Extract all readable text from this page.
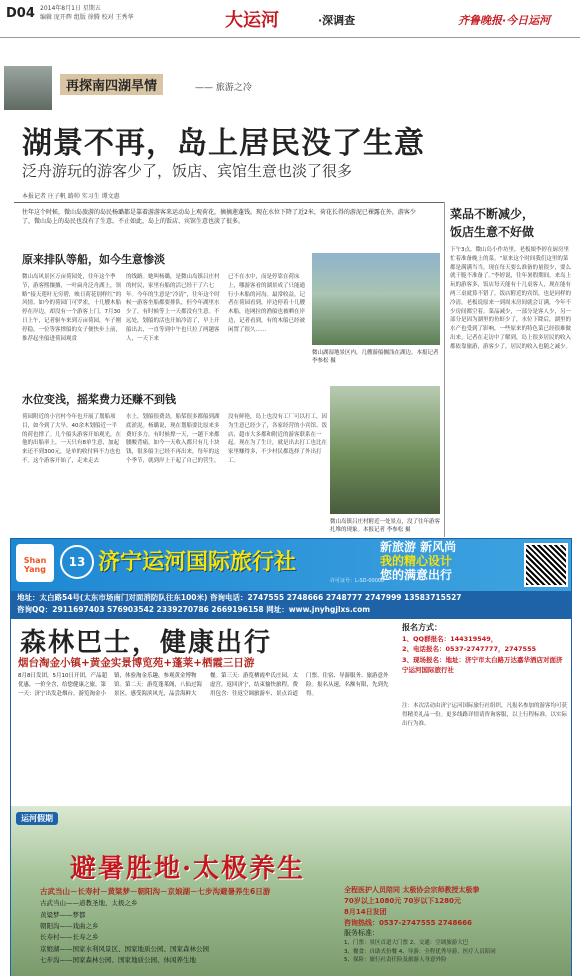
D04 2014年8月1日 星期五
编辑 庞开辉 组版 徐腾 校对 王秀华	大运河	·深调查	齐鲁晚报·今日运河
再探南四湖旱情	—— 旅游之冷
湖景不再，岛上居民没了生意
泛舟游玩的游客少了，饭店、宾馆生意也淡了很多
本报记者 庄子帆 路帅 实习生 谭文惠
往年这个时候，微山岛旅游的岛民杨璐都是靠着游游客来运动岛上观荷花，摘摘莲蓬钱。现在水位下降了近2米，荷花长得的游泥已裸露在外，游客少了，微山岛上的岛民也没有了生意。不止如此，岛上的饭店、宾馆生意也淡了很多。
原来排队等船，如今生意惨淡
微山岛风景区万亩荷园处，往年这个季节，游客熙攘攘，一叶扁舟泛舟湖上，领略“接天莲叶无穷碧，映日荷花别样红”的风情。如今的荷园门可罗雀，十几艘木船停在岸边，却没有一个游客上门。7月30日上午，记者驱车来到万亩荷园，车子刚停稳，一位等客撑船的女子便快步上前，推荐起坐船进荷园观赏
的线路。她叫杨璐，是微山岛镇吕庄村的村民，家里有船的活已经干了六七年。今年的生意是“冷清”，往年这个时候一游客坐船都要排队，但今年湖里水少了，有时候等上一天都没有生意。不远处，划船的活也开始冷清了，早上开船出去，一直等到中午也只拉了两趟客人，一天下来
已不在水中，而是停靠在荷床上，哪游客看的湖景成了只能通行小木船的河沟。最常收益，记者在荷园看到，岸边停着十几艘木船，连网拉的渔船也被晒在岸边，记者看到，有的木船已经被闲置了很久……
水位变浅，摇桨费力还赚不到钱
荷园附近的小宫村今年也开展了划船项目，如今到了大旱，40余木划船近一半的荷也撑了。几个船头游客开始观光，在他的出船率上，一天只有8单生意，加起来还不到300元，是单的收付料不力也也不。这个游客开始了，走来走去
水上，划船很费劲，船桨很多都船到湖底淤泥。杨璐说，现在划船要比原来多费好多力，有时候撑一天，一趟下来都腰酸背痛。如今一天收入都只有几十块钱，很多船主已经不再出来，每年的这个季节，就到岸上干起了自己的营生。
没有鲜艳，岛上也没有工厂可以打工，因为生意已经少了，各家经营的小宾馆、饭店、超市大多都和附近的游客联系在一起。现在为了生计，就是出去打工也比在家里赚得多，不少村民都选择了外出打工。
微山湖湿地景区内，几艘游船搁浅在湖边。本报记者 李参松 摄
微山岛镇吕庄村附近一处景点，没了往年游客扎堆的现象。本报记者 李参松 摄
菜品不断减少，
饭店生意不好做
下午3点，微山岛小作坊里，老板娘李婷在厨房里忙着准备晚上的菜。“原来这个时间我们这里的菜都是满满当当，现在每天要么准备的量很少，要么就干脆不准备了。”李婷说，往年暑假期间，来岛上玩的游客多，饭店每天能有十几桌客人，现在能有两三桌就算不错了。饭店附近的宾馆，也是同样的冷清，老板说原来一到周末房间就会订满，今年不少房间都空着。菜品减少，一部分是客人少，另一部分是因为湖里的鱼虾少了，水位下降后，湖里的水产也受到了影响，一些原来的特色菜已经很难做出来。记者在走访中了解到，岛上很多居民的收入都依靠旅游，游客少了，居民的收入也随之减少。
Shan Yang
13 济宁运河国际旅行社
许可证号：L-SD-00008
新旅游 新风尚
我的精心设计
您的满意出行
地址：太白路54号(太东市场南门对面消防队往东100米) 咨询电话：2747555 2748666 2748777 2747999 13583715527
咨询QQ：2911697403 576903542 2339270786 2669196158 网址：www.jnyhgjlxs.com
森林巴士，健康出行
烟台淘金小镇+黄金实景博览苑+蓬莱+栖霞三日游
8月8日发团，5月10日开团，产品超优惠，一价全含，给您健康之旅。第一天：济宁出发赴烟台，游览淘金小镇，体验淘金乐趣，参观黄金博物馆。第二天：游览蓬莱阁，八仙过海景区，感受海滨风光，品尝海鲜大餐。第三天：游览栖霞牟氏庄园，太虚宫，返回济宁，结束愉快旅程。费用包含：往返空调旅游车、景点首道门票、住宿、导游服务、旅游意外险。报名从速，名额有限，先到先得。
报名方式：
1、QQ群报名：144319549，
2、电话报名：0537-2747777，2747555
3、现场报名：地址：济宁市太白路万达嘉华酒店对面济宁运河国际旅行社
注：本次活动由济宁运河国际旅行社组织，凡报名参加的游客均可获得精美礼品一份。更多线路详情请咨询客服，以上行程标准，以实际出行为准。
运河假期
避暑胜地·太极养生
古武当山－长寿村－黄粱梦－朝阳沟－京娘湖－七步沟避暑养生6日游
古武当山——道教圣地、太极之乡
黄粱梦——梦都
朝阳沟——戏曲之乡
长寿村——长寿之乡
京娘湖——国家水利风景区、国家地质公园、国家森林公园
七步沟——国家森林公园、国家地质公园、休闲养生地
全程医护人员陪同 太极协会宗师教授太极拳
70岁以上1080元 70岁以下1280元
8月14日发团
咨询热线：0537-2747555 2748666
服务标准：
1、门票：景区首道大门票 2、交通：空调旅游大巴
3、餐食：自助式份餐 4、导游：全程优秀导游，医疗人员陪同
5、保险：旅行社责任险及旅游人身意外险
